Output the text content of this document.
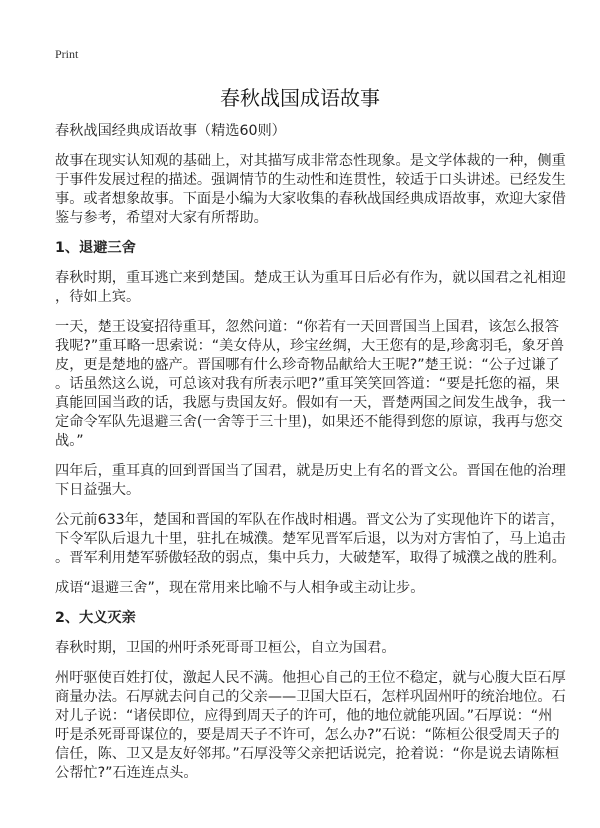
Print
春秋战国成语故事
春秋战国经典成语故事（精选60则）
故事在现实认知观的基础上，对其描写成非常态性现象。是文学体裁的一种，侧重
于事件发展过程的描述。强调情节的生动性和连贯性，较适于口头讲述。已经发生
事。或者想象故事。下面是小编为大家收集的春秋战国经典成语故事，欢迎大家借
鉴与参考，希望对大家有所帮助。
1、退避三舍
春秋时期，重耳逃亡来到楚国。楚成王认为重耳日后必有作为，就以国君之礼相迎
，待如上宾。
一天，楚王设宴招待重耳，忽然问道：“你若有一天回晋国当上国君，该怎么报答
我呢?”重耳略一思索说：“美女侍从，珍宝丝绸，大王您有的是,珍禽羽毛，象牙兽
皮，更是楚地的盛产。晋国哪有什么珍奇物品献给大王呢?”楚王说：“公子过谦了
。话虽然这么说，可总该对我有所表示吧?”重耳笑笑回答道：“要是托您的福，果
真能回国当政的话，我愿与贵国友好。假如有一天，晋楚两国之间发生战争，我一
定命令军队先退避三舍(一舍等于三十里)，如果还不能得到您的原谅，我再与您交
战。”
四年后，重耳真的回到晋国当了国君，就是历史上有名的晋文公。晋国在他的治理
下日益强大。
公元前633年，楚国和晋国的军队在作战时相遇。晋文公为了实现他许下的诺言，
下令军队后退九十里，驻扎在城濮。楚军见晋军后退，以为对方害怕了，马上追击
。晋军利用楚军骄傲轻敌的弱点，集中兵力，大破楚军，取得了城濮之战的胜利。
成语“退避三舍”，现在常用来比喻不与人相争或主动让步。
2、大义灭亲
春秋时期，卫国的州吁杀死哥哥卫桓公，自立为国君。
州吁驱使百姓打仗，激起人民不满。他担心自己的王位不稳定，就与心腹大臣石厚
商量办法。石厚就去问自己的父亲——卫国大臣石，怎样巩固州吁的统治地位。石
对儿子说：“诸侯即位，应得到周天子的许可，他的地位就能巩固。”石厚说：“州
吁是杀死哥哥谋位的，要是周天子不许可，怎么办?”石说：“陈桓公很受周天子的
信任，陈、卫又是友好邻邦。”石厚没等父亲把话说完，抢着说：“你是说去请陈桓
公帮忙?”石连连点头。
